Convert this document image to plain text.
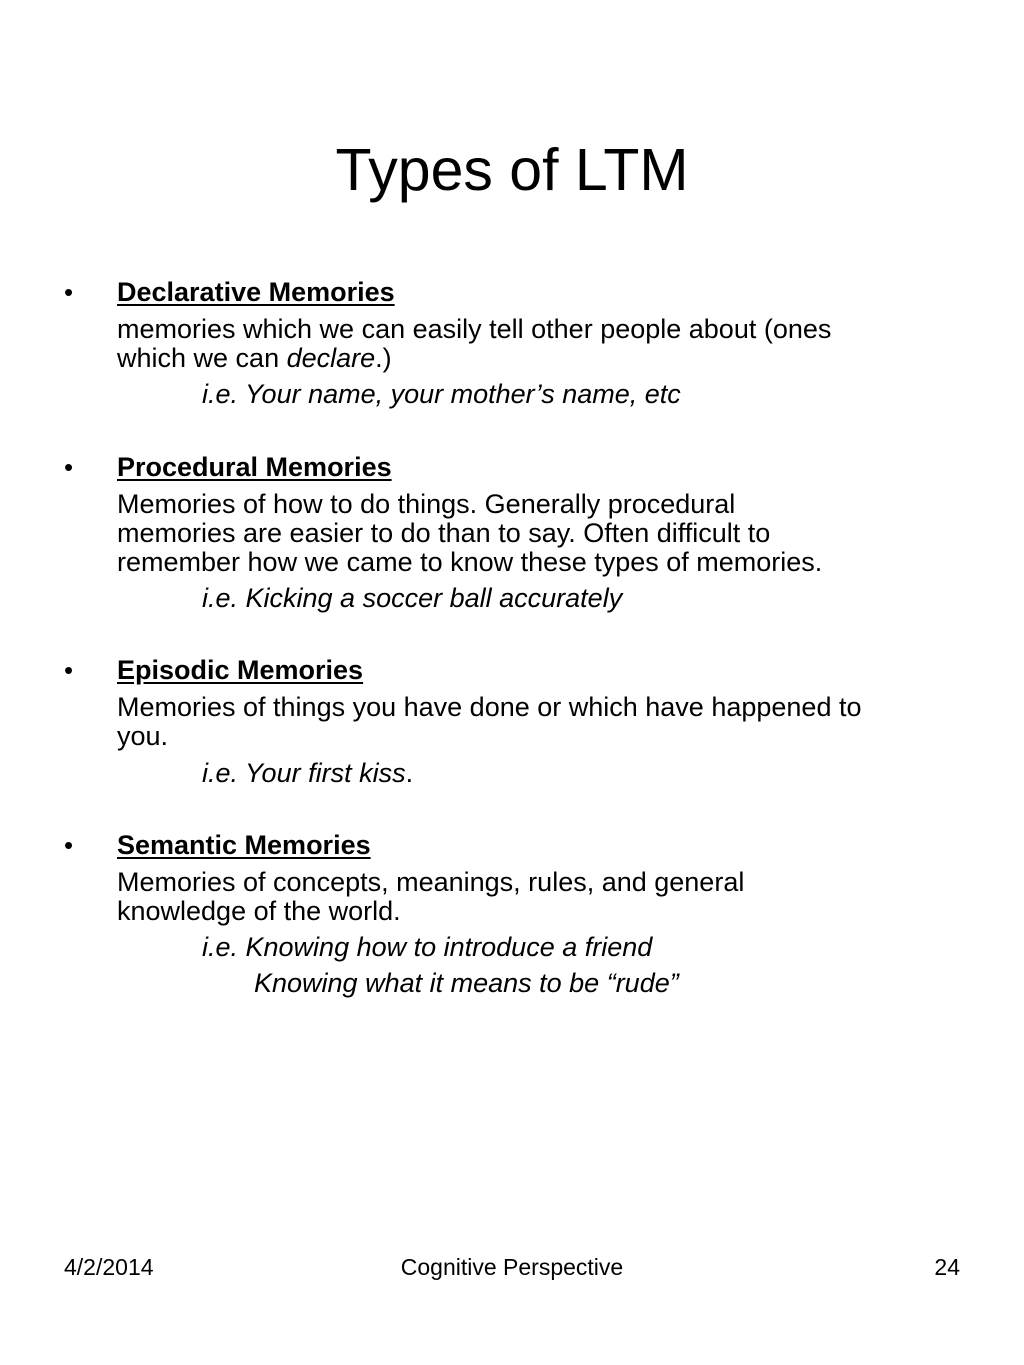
Types of LTM
• Declarative Memories
memories which we can easily tell other people about (ones
which we can declare.)
i.e. Your name, your mother’s name, etc
• Procedural Memories
Memories of how to do things. Generally procedural
memories are easier to do than to say. Often difficult to
remember how we came to know these types of memories.
i.e. Kicking a soccer ball accurately
• Episodic Memories
Memories of things you have done or which have happened to
you.
i.e. Your first kiss.
• Semantic Memories
Memories of concepts, meanings, rules, and general
knowledge of the world.
i.e. Knowing how to introduce a friend
Knowing what it means to be “rude”
4/2/2014	Cognitive Perspective	24
